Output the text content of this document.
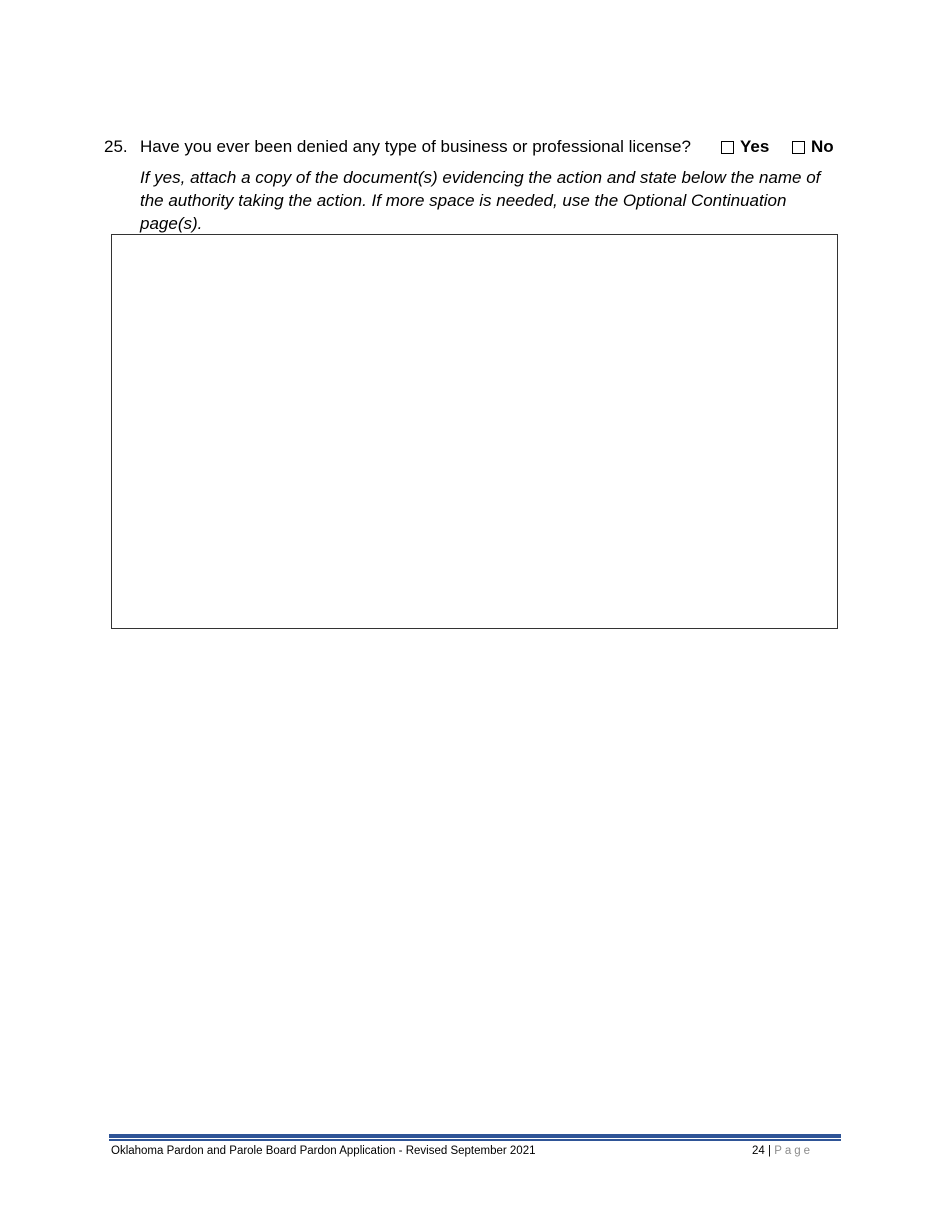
25. Have you ever been denied any type of business or professional license?	Yes No
If yes, attach a copy of the document(s) evidencing the action and state below the name of
the authority taking the action. If more space is needed, use the Optional Continuation
page(s).
Oklahoma Pardon and Parole Board Pardon Application - Revised September 2021	24 | Page
